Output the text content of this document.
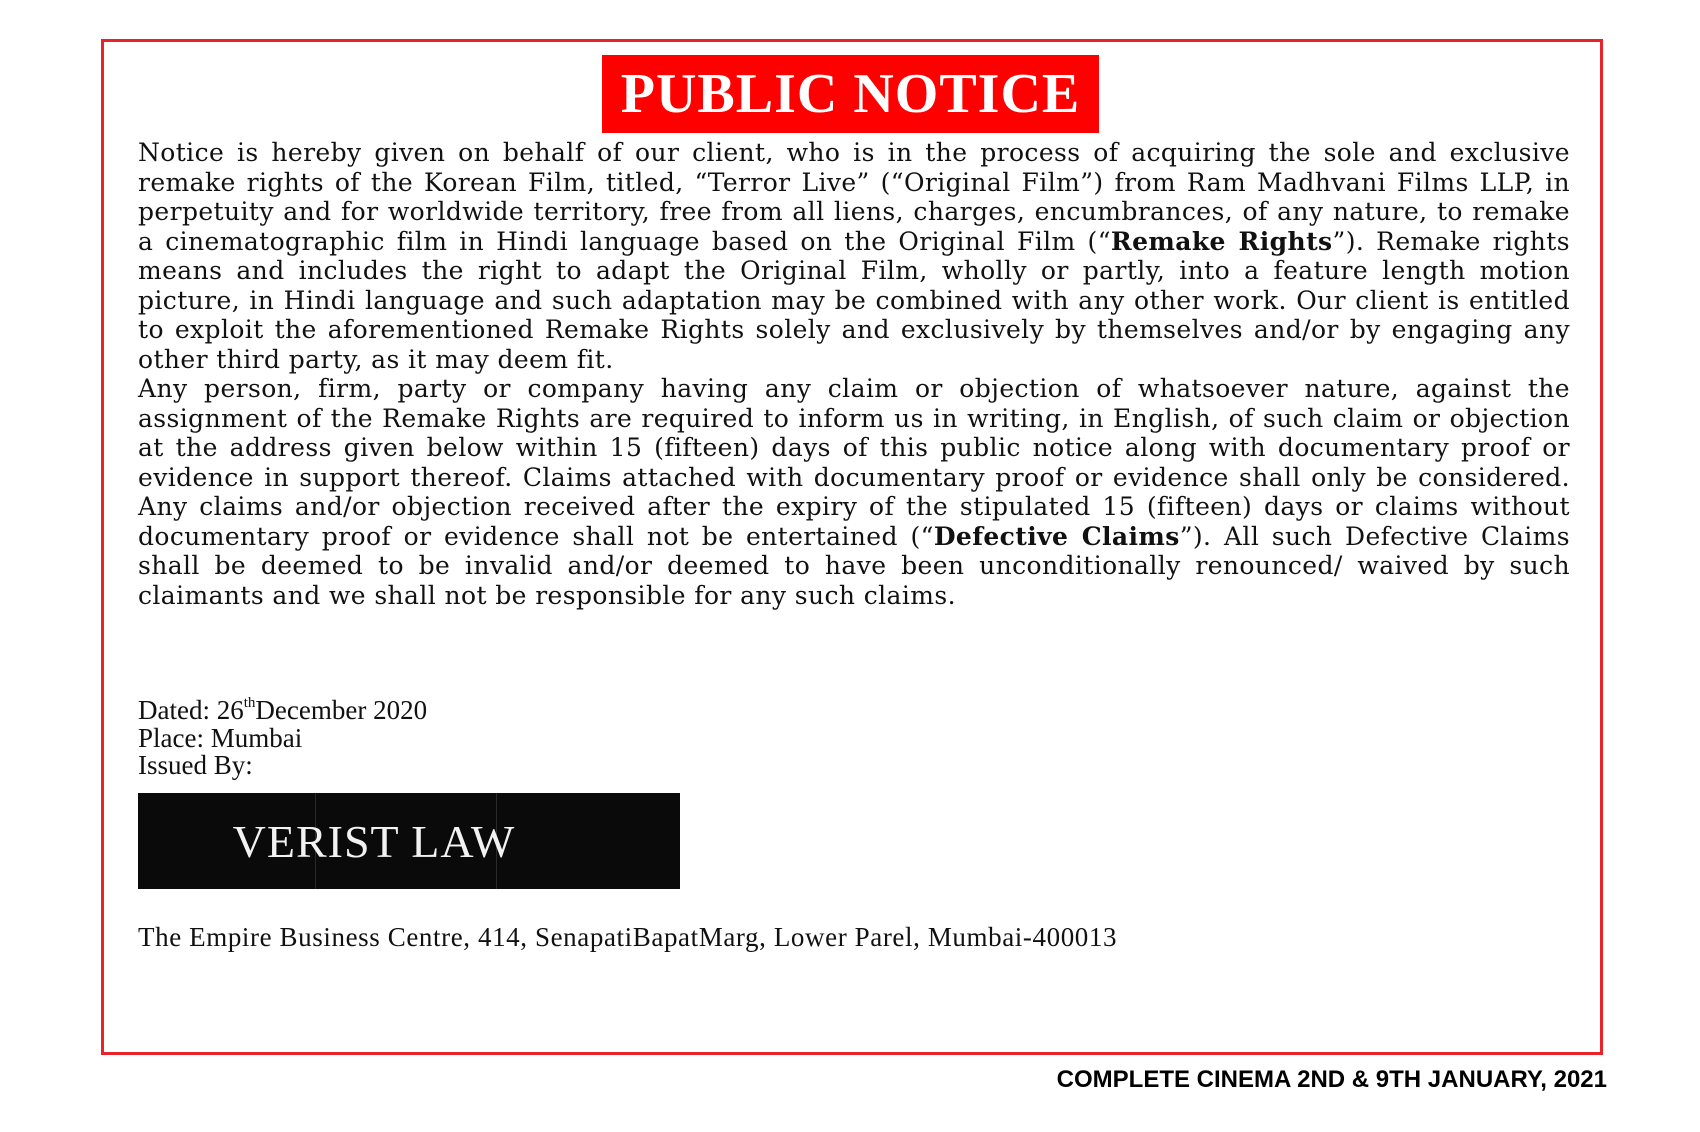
PUBLIC NOTICE

Notice is hereby given on behalf of our client, who is in the process of acquiring the sole and exclusive remake rights of the Korean Film, titled, “Terror Live” (“Original Film”) from Ram Madhvani Films LLP, in perpetuity and for worldwide territory, free from all liens, charges, encumbrances, of any nature, to remake a cinematographic film in Hindi language based on the Original Film (“Remake Rights”). Remake rights means and includes the right to adapt the Original Film, wholly or partly, into a feature length motion picture, in Hindi language and such adaptation may be combined with any other work. Our client is entitled to exploit the aforementioned Remake Rights solely and exclusively by themselves and/or by engaging any other third party, as it may deem fit.

Any person, firm, party or company having any claim or objection of whatsoever nature, against the assignment of the Remake Rights are required to inform us in writing, in English, of such claim or objection at the address given below within 15 (fifteen) days of this public notice along with documentary proof or evidence in support thereof. Claims attached with documentary proof or evidence shall only be considered. Any claims and/or objection received after the expiry of the stipulated 15 (fifteen) days or claims without documentary proof or evidence shall not be entertained (“Defective Claims”). All such Defective Claims shall be deemed to be invalid and/or deemed to have been unconditionally renounced/ waived by such claimants and we shall not be responsible for any such claims.

Dated: 26thDecember 2020
Place: Mumbai
Issued By:
VERIST LAW
The Empire Business Centre, 414, SenapatiBapatMarg, Lower Parel, Mumbai-400013
COMPLETE CINEMA 2ND & 9TH JANUARY, 2021
